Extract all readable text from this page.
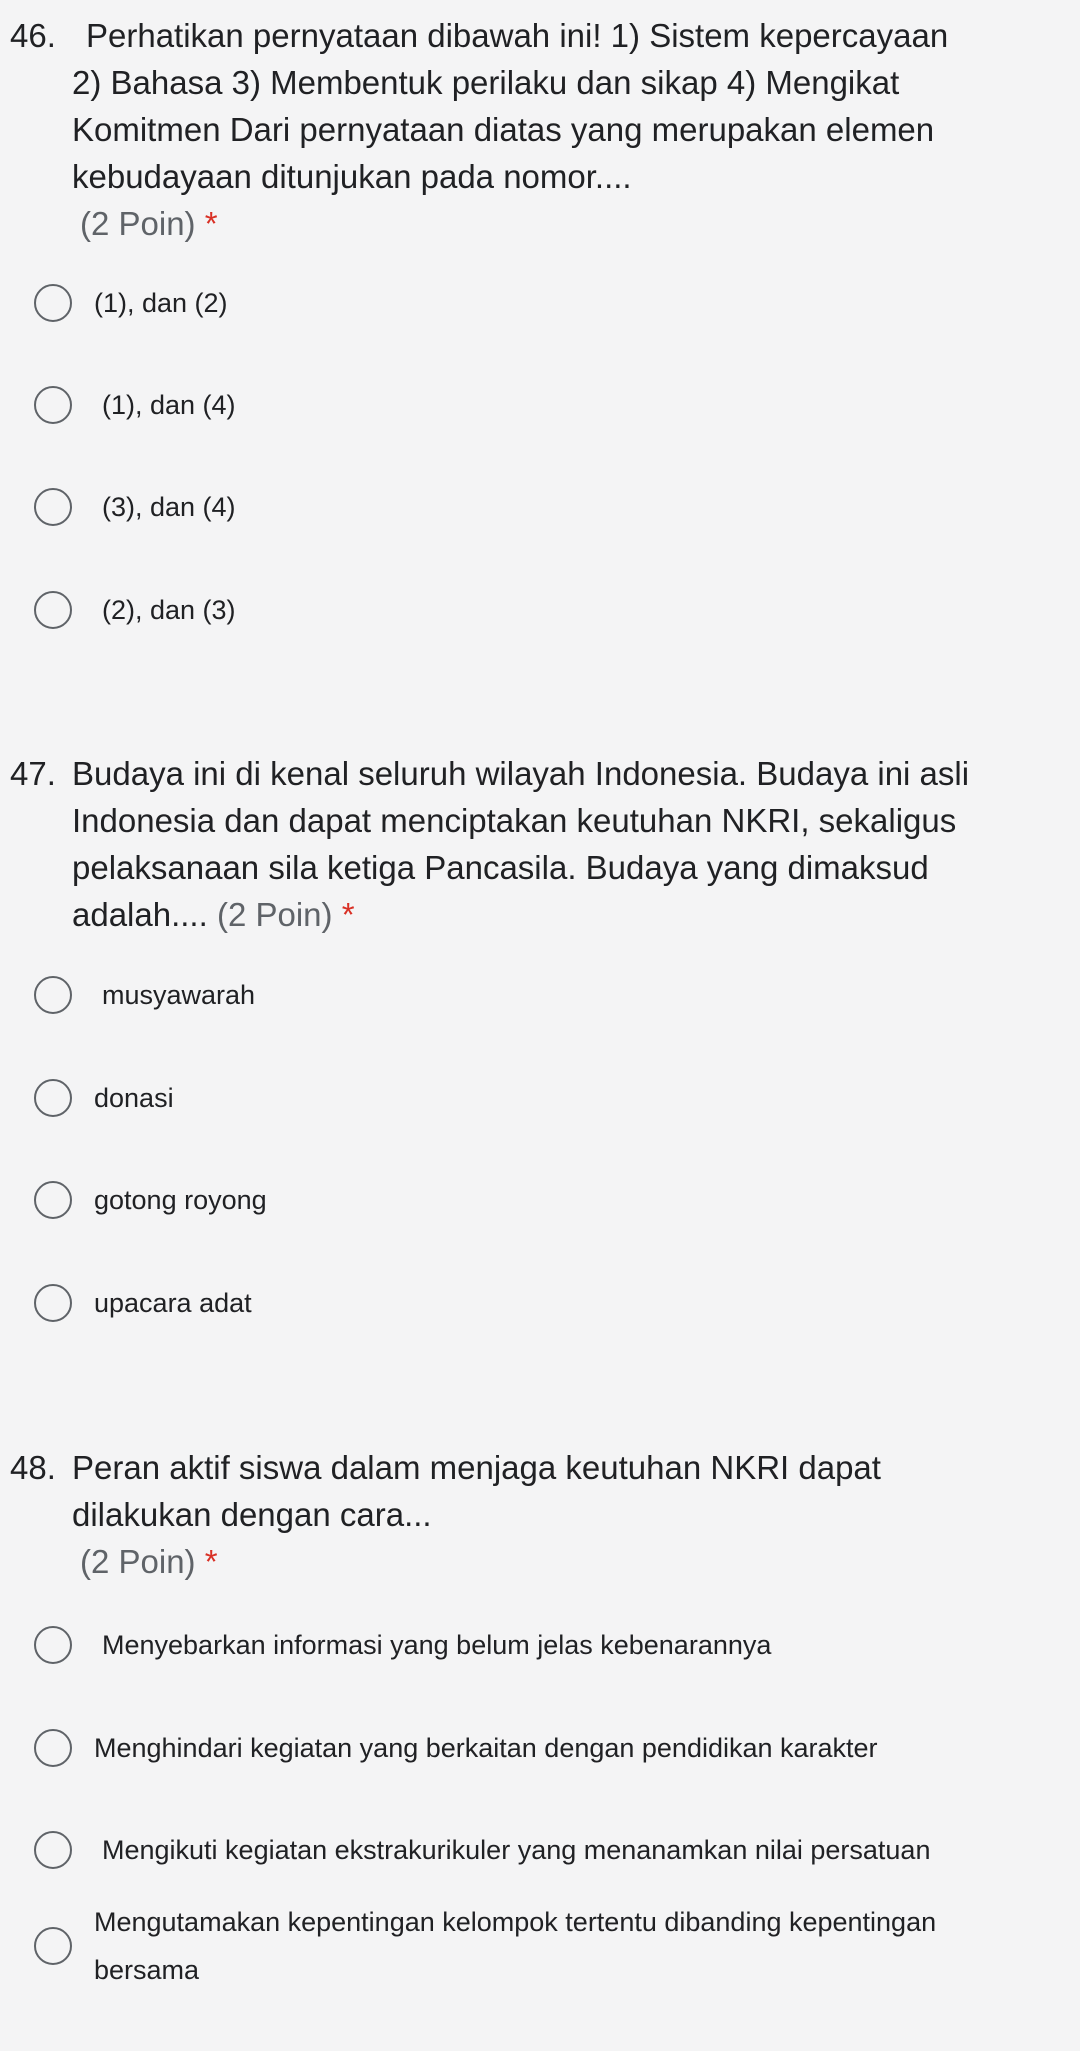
46. Perhatikan pernyataan dibawah ini! 1) Sistem kepercayaan
2) Bahasa 3) Membentuk perilaku dan sikap 4) Mengikat
Komitmen Dari pernyataan diatas yang merupakan elemen
kebudayaan ditunjukan pada nomor....
(2 Poin) *
(1), dan (2)
(1), dan (4)
(3), dan (4)
(2), dan (3)
47. Budaya ini di kenal seluruh wilayah Indonesia. Budaya ini asli
Indonesia dan dapat menciptakan keutuhan NKRI, sekaligus
pelaksanaan sila ketiga Pancasila. Budaya yang dimaksud
adalah.... (2 Poin) *
musyawarah
donasi
gotong royong
upacara adat
48. Peran aktif siswa dalam menjaga keutuhan NKRI dapat
dilakukan dengan cara...
(2 Poin) *
Menyebarkan informasi yang belum jelas kebenarannya
Menghindari kegiatan yang berkaitan dengan pendidikan karakter
Mengikuti kegiatan ekstrakurikuler yang menanamkan nilai persatuan
Mengutamakan kepentingan kelompok tertentu dibanding kepentingan bersama
